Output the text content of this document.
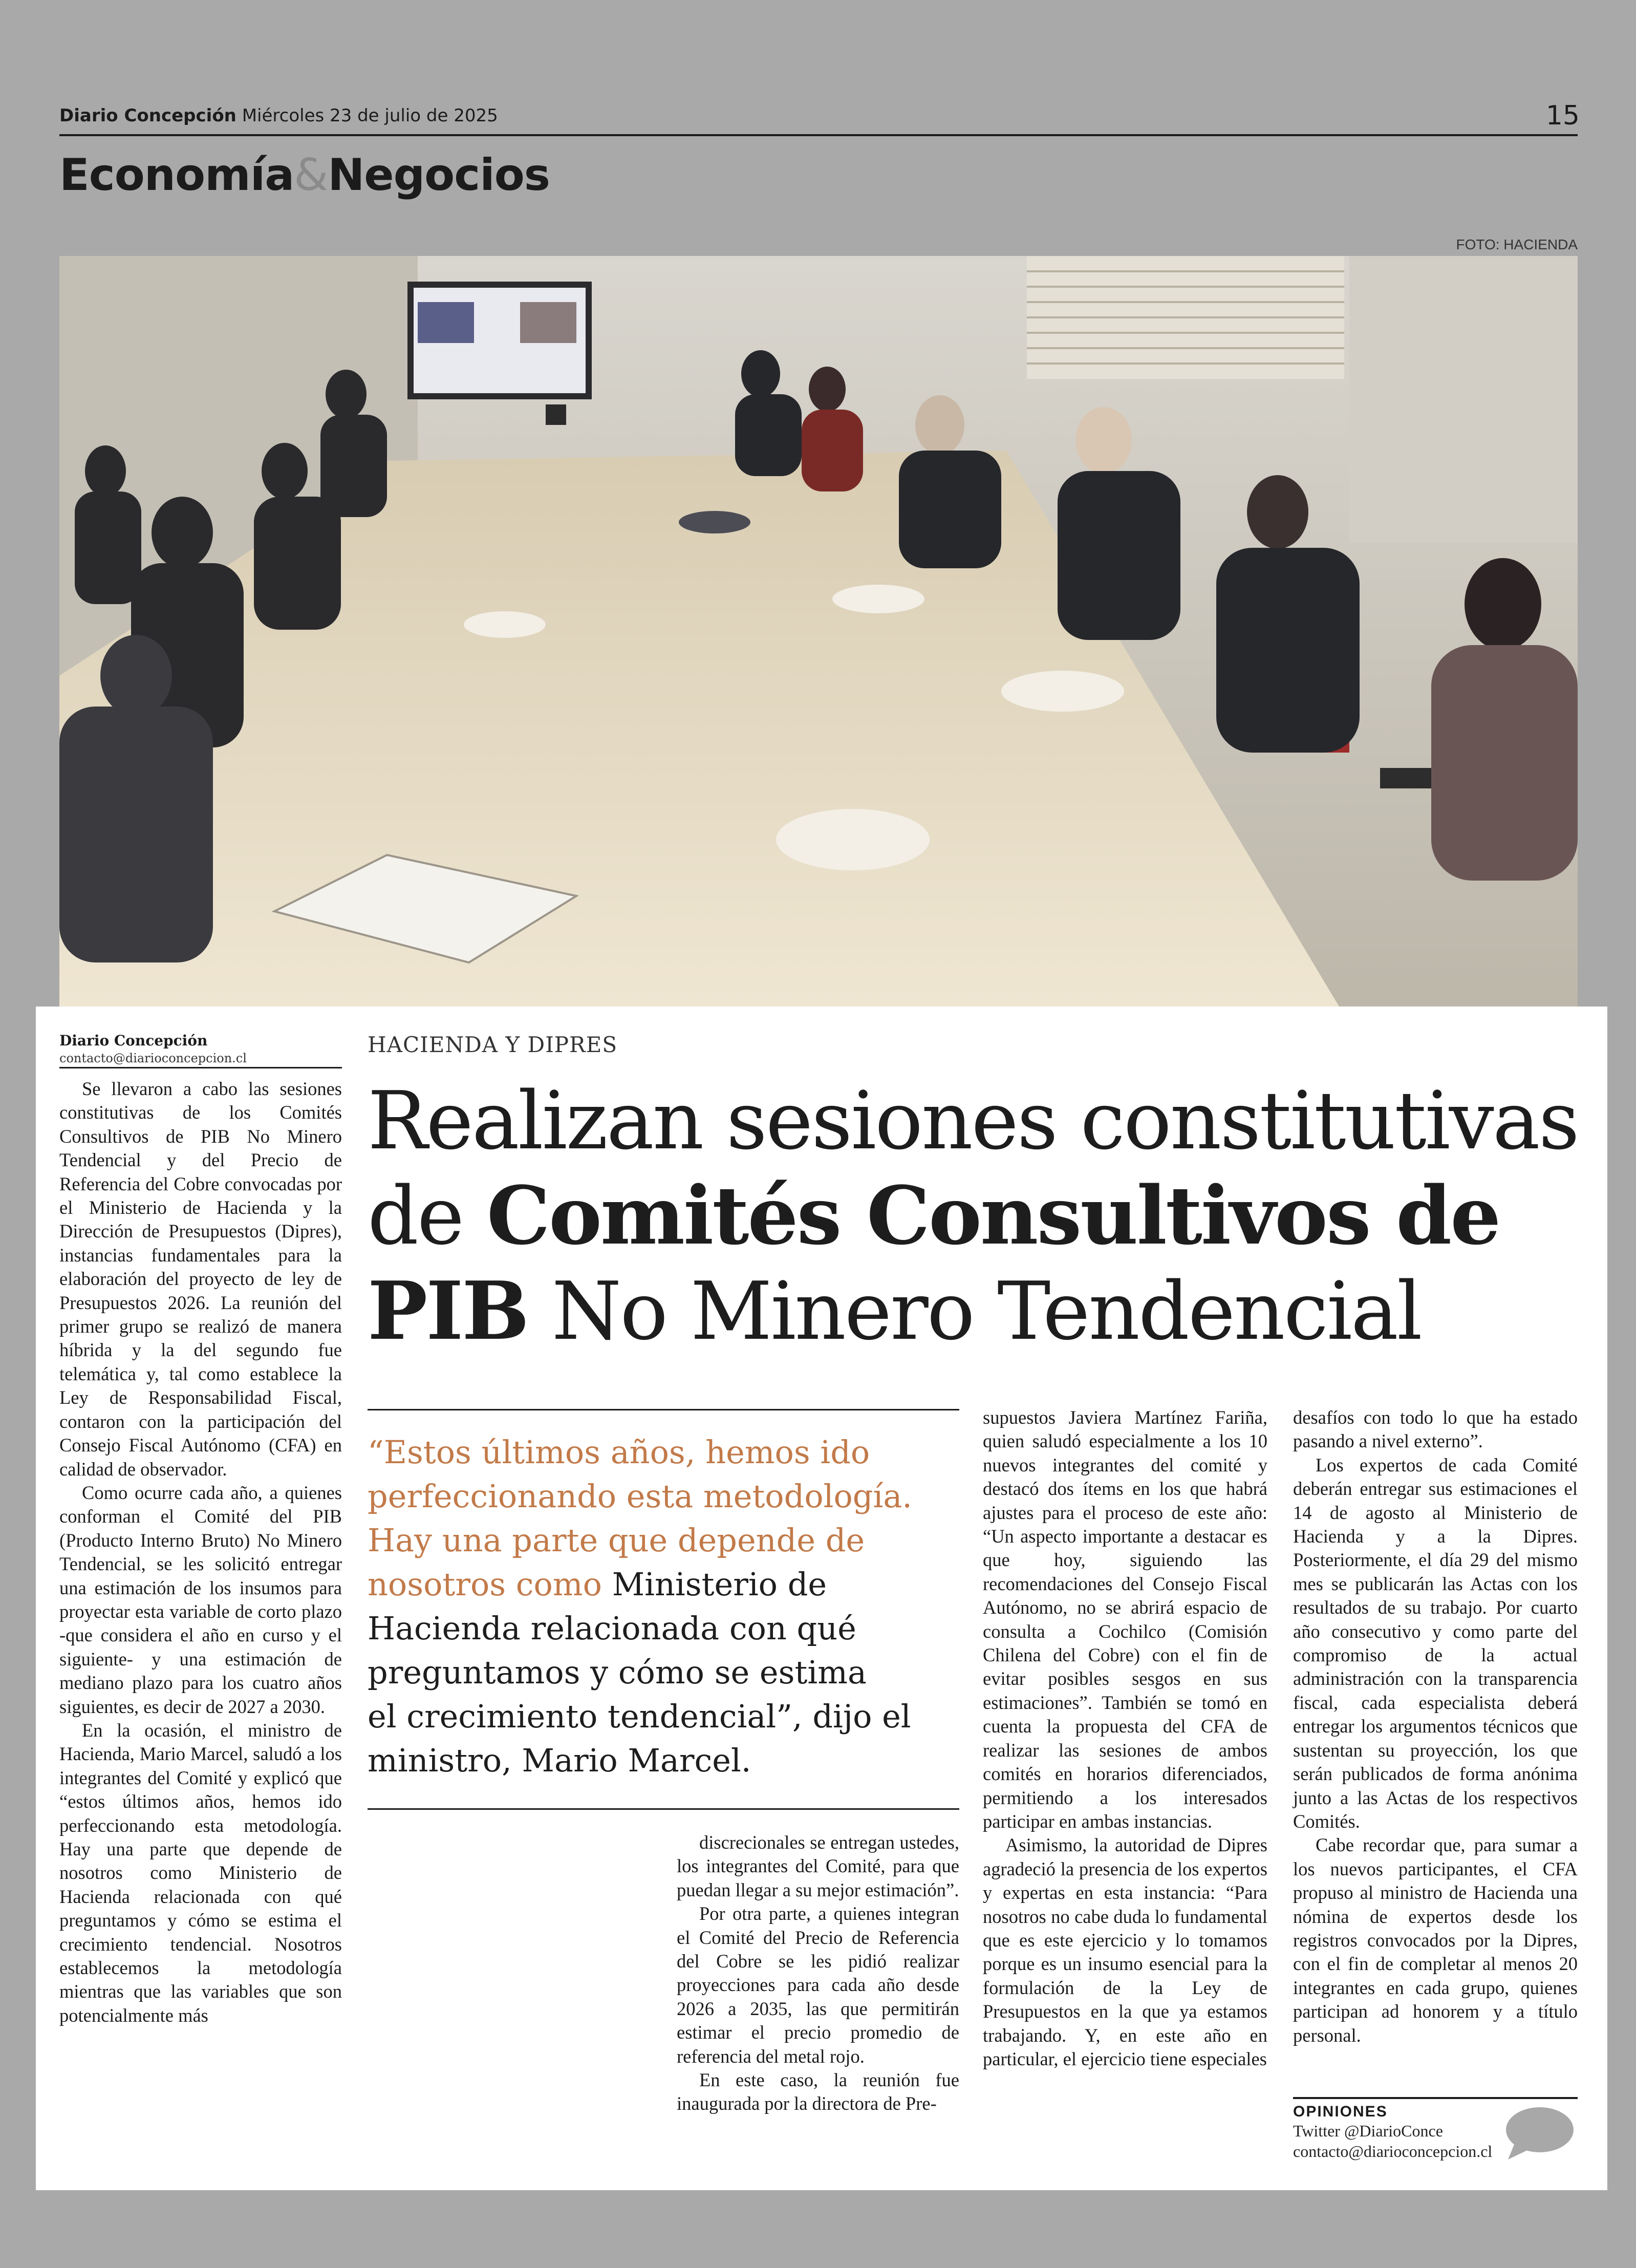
Diario Concepción Miércoles 23 de julio de 2025	15
Economía&Negocios
FOTO: HACIENDA
Diario Concepción
contacto@diarioconcepcion.cl
HACIENDA Y DIPRES
Realizan sesiones constitutivas
de Comités Consultivos de
PIB No Minero Tendencial

Se llevaron a cabo las sesiones constitutivas de los Comités Consultivos de PIB No Minero Tendencial y del Precio de Referencia del Cobre convocadas por el Ministerio de Hacienda y la Dirección de Presupuestos (Dipres), instancias fundamentales para la elaboración del proyecto de ley de Presupuestos 2026. La reunión del primer grupo se realizó de manera híbrida y la del segundo fue telemática y, tal como establece la Ley de Responsabilidad Fiscal, contaron con la participación del Consejo Fiscal Autónomo (CFA) en calidad de observador.

Como ocurre cada año, a quienes conforman el Comité del PIB (Producto Interno Bruto) No Minero Tendencial, se les solicitó entregar una estimación de los insumos para proyectar esta variable de corto plazo -que considera el año en curso y el siguiente- y una estimación de mediano plazo para los cuatro años siguientes, es decir de 2027 a 2030.

En la ocasión, el ministro de Hacienda, Mario Marcel, saludó a los integrantes del Comité y explicó que “estos últimos años, hemos ido perfeccionando esta metodología. Hay una parte que depende de nosotros como Ministerio de Hacienda relacionada con qué preguntamos y cómo se estima el crecimiento tendencial. Nosotros establecemos la metodología mientras que las variables que son potencialmente más

“Estos últimos años, hemos ido
perfeccionando esta metodología.
Hay una parte que depende de
nosotros como Ministerio de
Hacienda relacionada con qué
preguntamos y cómo se estima
el crecimiento tendencial”, dijo el
ministro, Mario Marcel.

discrecionales se entregan ustedes, los integrantes del Comité, para que puedan llegar a su mejor estimación”.

Por otra parte, a quienes integran el Comité del Precio de Referencia del Cobre se les pidió realizar proyecciones para cada año desde 2026 a 2035, las que permitirán estimar el precio promedio de referencia del metal rojo.

En este caso, la reunión fue inaugurada por la directora de Pre-

supuestos Javiera Martínez Fariña, quien saludó especialmente a los 10 nuevos integrantes del comité y destacó dos ítems en los que habrá ajustes para el proceso de este año: “Un aspecto importante a destacar es que hoy, siguiendo las recomendaciones del Consejo Fiscal Autónomo, no se abrirá espacio de consulta a Cochilco (Comisión Chilena del Cobre) con el fin de evitar posibles sesgos en sus estimaciones”. También se tomó en cuenta la propuesta del CFA de realizar las sesiones de ambos comités en horarios diferenciados, permitiendo a los interesados participar en ambas instancias.

Asimismo, la autoridad de Dipres agradeció la presencia de los expertos y expertas en esta instancia: “Para nosotros no cabe duda lo fundamental que es este ejercicio y lo tomamos porque es un insumo esencial para la formulación de la Ley de Presupuestos en la que ya estamos trabajando. Y, en este año en particular, el ejercicio tiene especiales

desafíos con todo lo que ha estado pasando a nivel externo”.

Los expertos de cada Comité deberán entregar sus estimaciones el 14 de agosto al Ministerio de Hacienda y a la Dipres. Posteriormente, el día 29 del mismo mes se publicarán las Actas con los resultados de su trabajo. Por cuarto año consecutivo y como parte del compromiso de la actual administración con la transparencia fiscal, cada especialista deberá entregar los argumentos técnicos que sustentan su proyección, los que serán publicados de forma anónima junto a las Actas de los respectivos Comités.

Cabe recordar que, para sumar a los nuevos participantes, el CFA propuso al ministro de Hacienda una nómina de expertos desde los registros convocados por la Dipres, con el fin de completar al menos 20 integrantes en cada grupo, quienes participan ad honorem y a título personal.

OPINIONES
Twitter @DiarioConce
contacto@diarioconcepcion.cl
